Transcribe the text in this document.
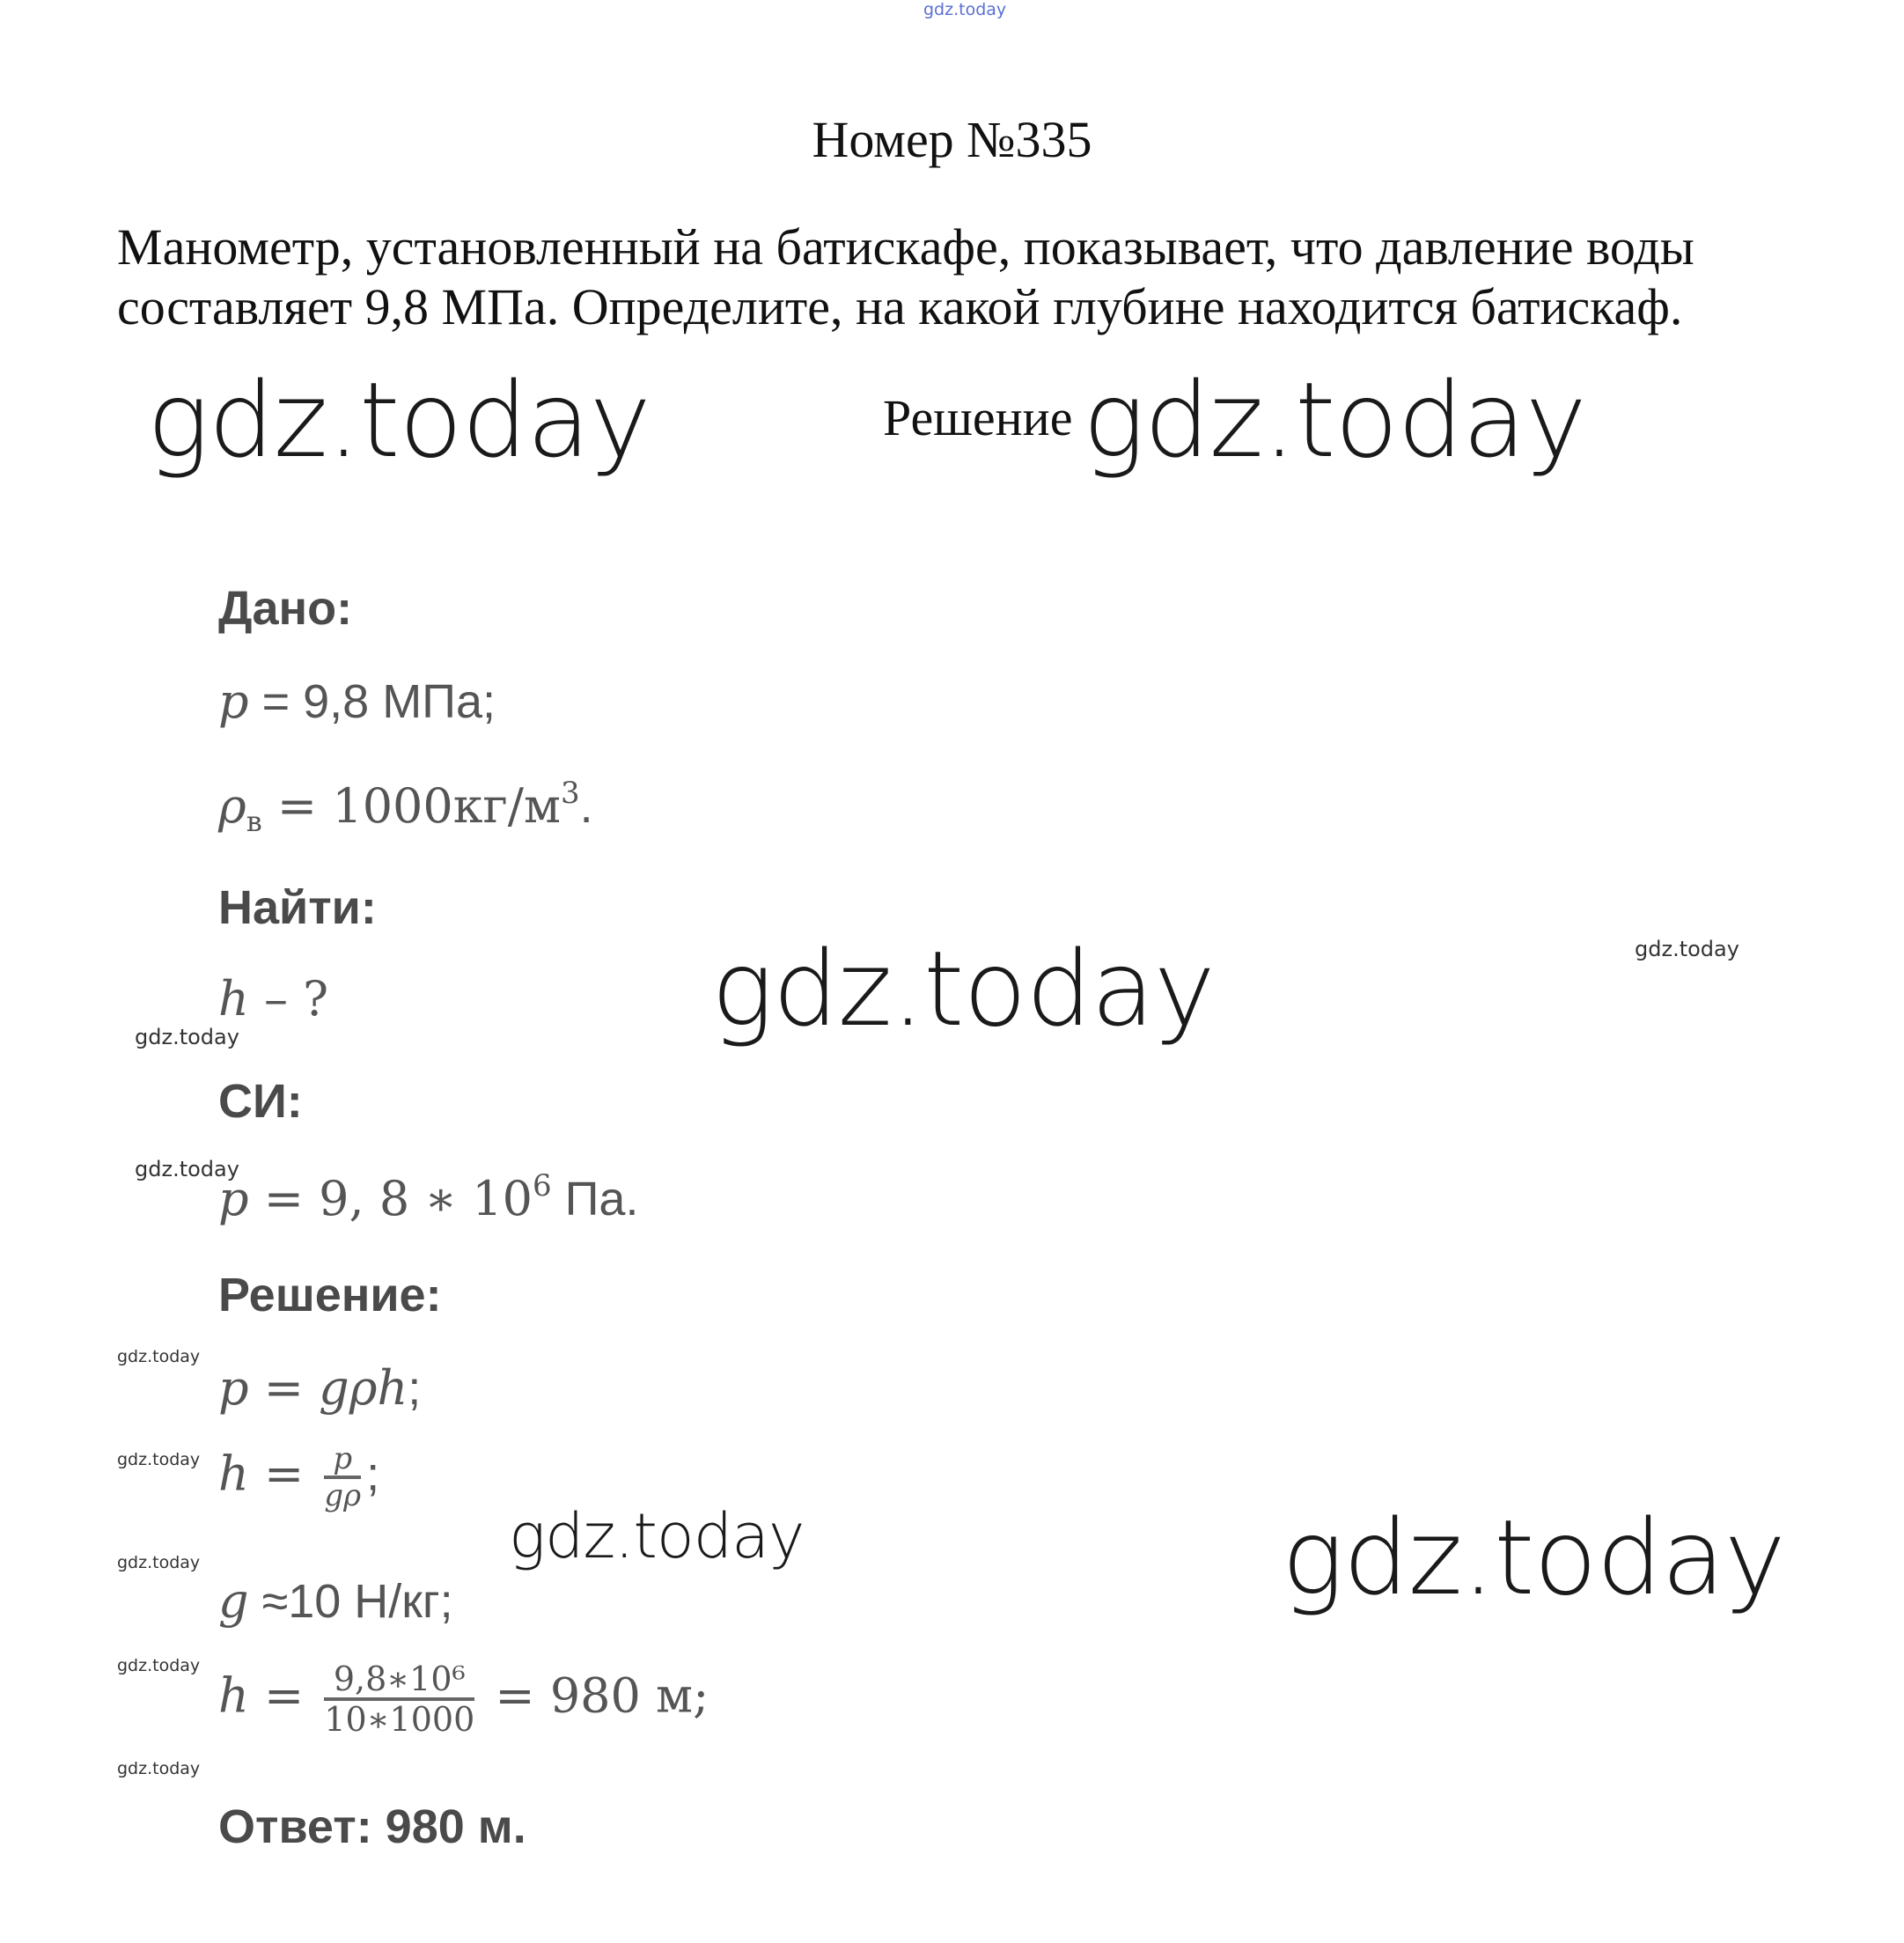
gdz.today
Номер №335
Манометр, установленный на батискафе, показывает, что давление воды
составляет 9,8 МПа. Определите, на какой глубине находится батискаф.
gdz.today	Решение gdz.today
gdz.today
gdz.today
gdz.today
gdz.today
gdz.today
gdz.today
gdz.today
gdz.today
gdz.today
gdz.today
gdz.today
Дано:
p = 9,8 МПа;
$\rho_в = 1000кг/м^3$.
Найти:
h – ?
СИ:
p = 9, 8 ∗ $10^6$ Па.
Решение:
p = gρh;
$h = \frac{p}{g\rho}$ ;
g ≈10 Н/кг;
$h = \frac{\text{9,8∗10⁶}}{10∗1000} = 980$ м;
Ответ: 980 м.
